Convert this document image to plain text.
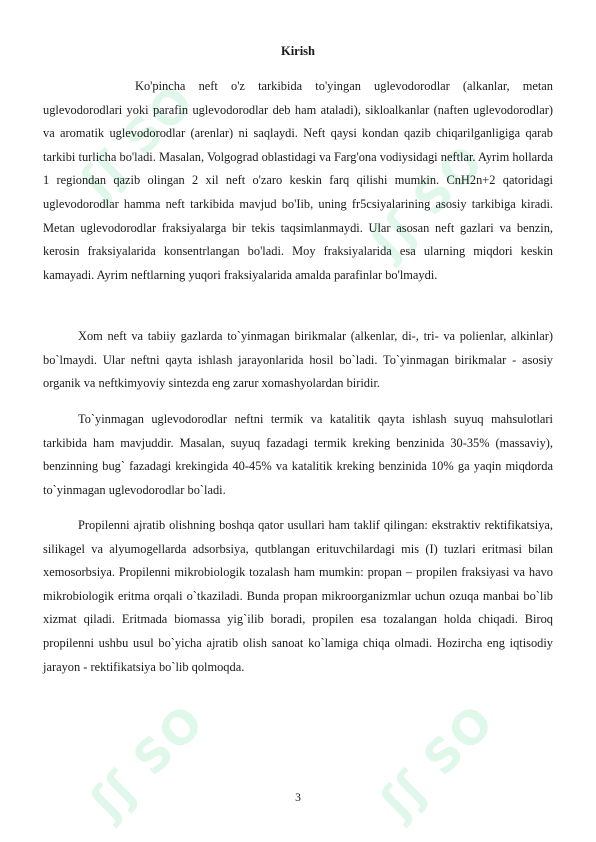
ʃʃ SO	ʃʃ SO
ʃʃ SO	ʃʃ SO
Kirish

Ko'pincha neft o'z tarkibida to'yingan uglevodorodlar (alkanlar, metan uglevodorodlari yoki parafin uglevodorodlar deb ham ataladi), sikloalkanlar (naften uglevodorodlar) va aromatik uglevodorodlar (arenlar) ni saqlaydi. Neft qaysi kondan qazib chiqarilganligiga qarab tarkibi turlicha bo'ladi. Masalan, Volgograd oblastidagi va Farg'ona vodiysidagi neftlar. Ayrim hollarda 1 regiondan qazib olingan 2 xil neft o'zaro keskin farq qilishi mumkin. CnH2n+2 qatoridagi uglevodorodlar hamma neft tarkibida mavjud bo'Iib, uning fr5csiyalarining asosiy tarkibiga kiradi. Metan uglevodorodlar fraksiyalarga bir tekis taqsimlanmaydi. Ular asosan neft gazlari va benzin, kerosin fraksiyalarida konsentrlangan bo'ladi. Moy fraksiyalarida esa ularning miqdori keskin kamayadi. Ayrim neftlarning yuqori fraksiyalarida amalda parafinlar bo'lmaydi.

Xom neft va tabiiy gazlarda to`yinmagan birikmalar (alkenlar, di-, tri- va polienlar, alkinlar) bo`lmaydi. Ular neftni qayta ishlash jarayonlarida hosil bo`ladi. To`yinmagan birikmalar - asosiy organik va neftkimyoviy sintezda eng zarur xomashyolardan biridir.

To`yinmagan uglevodorodlar neftni termik va katalitik qayta ishlash suyuq mahsulotlari tarkibida ham mavjuddir. Masalan, suyuq fazadagi termik kreking benzinida 30-35% (massaviy), benzinning bug` fazadagi krekingida 40-45% va katalitik kreking benzinida 10% ga yaqin miqdorda to`yinmagan uglevodorodlar bo`ladi.

Propilenni ajratib olishning boshqa qator usullari ham taklif qilingan: ekstraktiv rektifikatsiya, silikagel va alyumogellarda adsorbsiya, qutblangan erituvchilardagi mis (I) tuzlari eritmasi bilan xemosorbsiya. Propilenni mikrobiologik tozalash ham mumkin: propan – propilen fraksiyasi va havo mikrobiologik eritma orqali o`tkaziladi. Bunda propan mikroorganizmlar uchun ozuqa manbai bo`lib xizmat qiladi. Eritmada biomassa yig`ilib boradi, propilen esa tozalangan holda chiqadi. Biroq propilenni ushbu usul bo`yicha ajratib olish sanoat ko`lamiga chiqa olmadi. Hozircha eng iqtisodiy jarayon - rektifikatsiya bo`lib qolmoqda.

3
